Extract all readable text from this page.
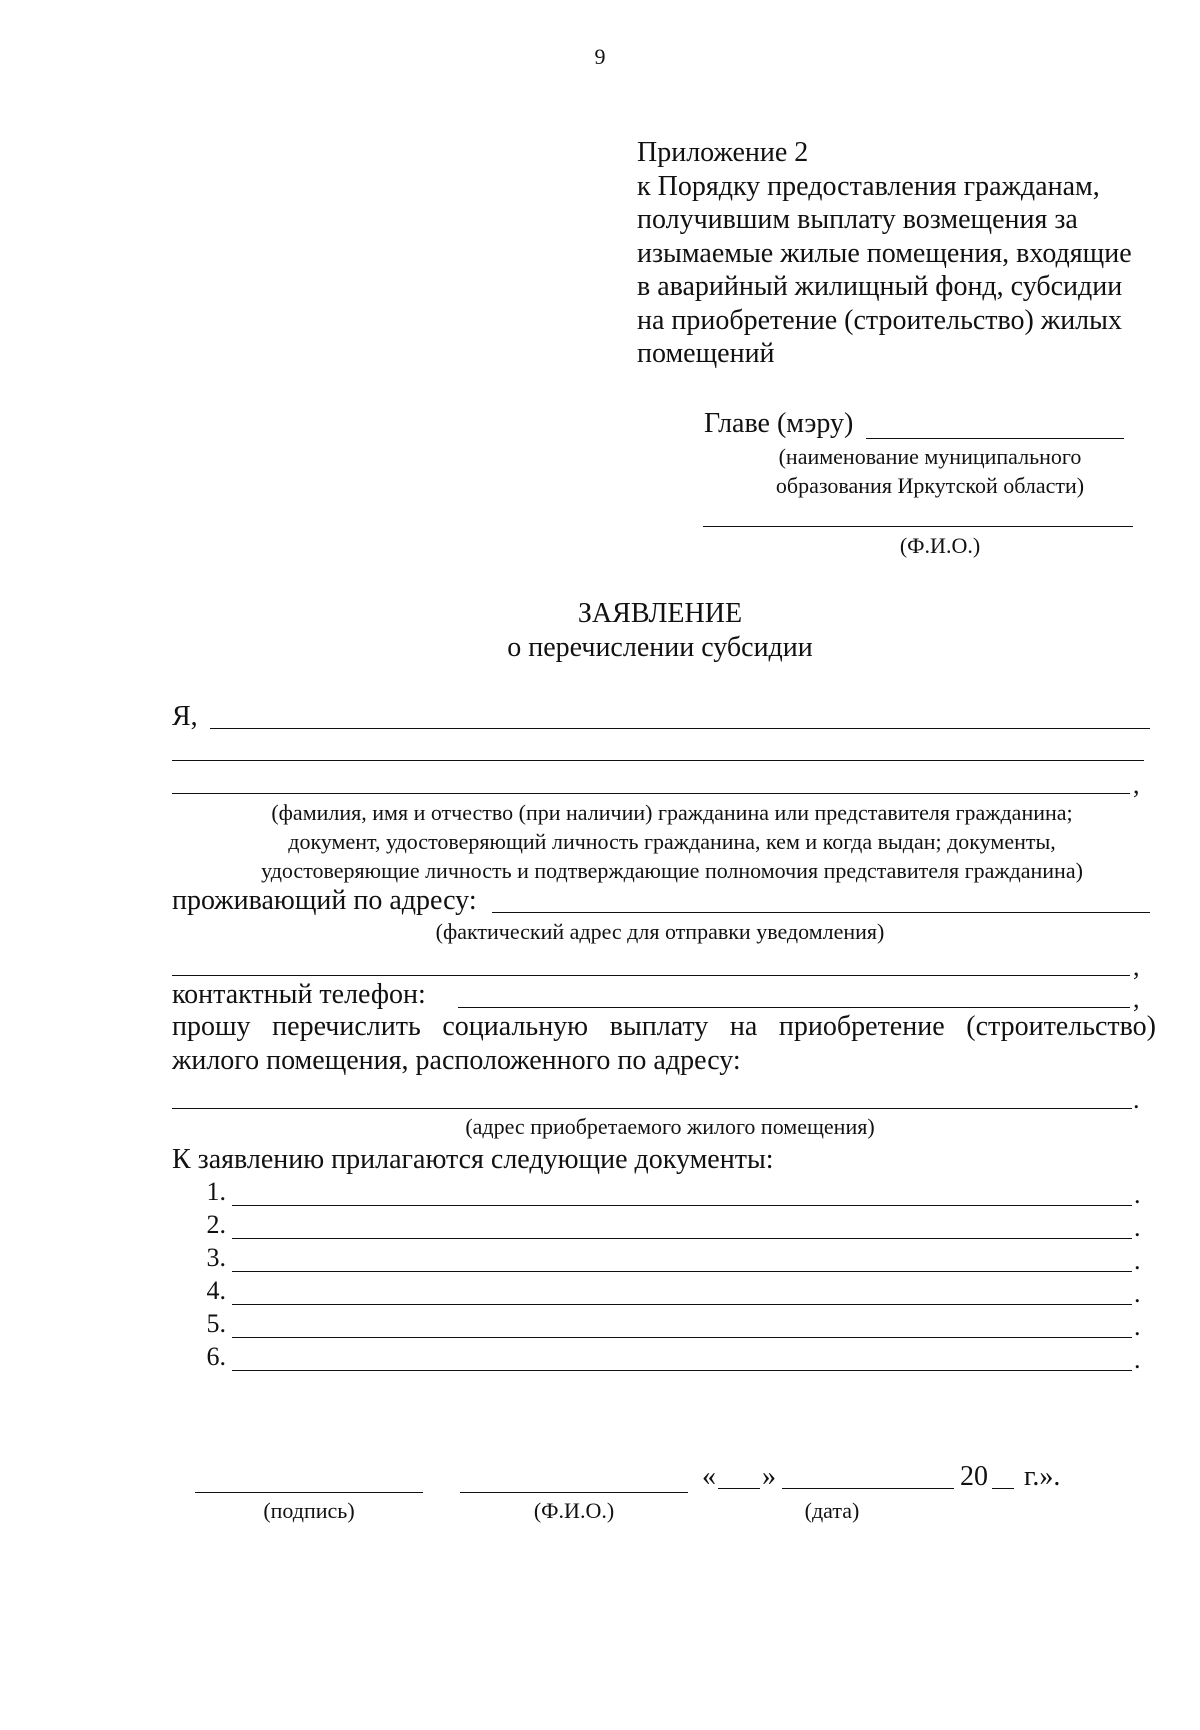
9
Приложение 2
к Порядку предоставления гражданам,
получившим выплату возмещения за
изымаемые жилые помещения, входящие
в аварийный жилищный фонд, субсидии
на приобретение (строительство) жилых
помещений
Главе (мэру)
(наименование муниципального
образования Иркутской области)
(Ф.И.О.)
ЗАЯВЛЕНИЕ
о перечислении субсидии
Я,
,
(фамилия, имя и отчество (при наличии) гражданина или представителя гражданина;
документ, удостоверяющий личность гражданина, кем и когда выдан; документы,
удостоверяющие личность и подтверждающие полномочия представителя гражданина)
проживающий по адресу:
(фактический адрес для отправки уведомления)
,
контактный телефон:	,
прошу перечислить социальную выплату на приобретение (строительство)
жилого помещения, расположенного по адресу:
.
(адрес приобретаемого жилого помещения)
К заявлению прилагаются следующие документы:
1.	.
2.	.
3.	.
4.	.
5.	.
6.	.
(подпись)	(Ф.И.О.)
« »
(дата)
20 г.».
